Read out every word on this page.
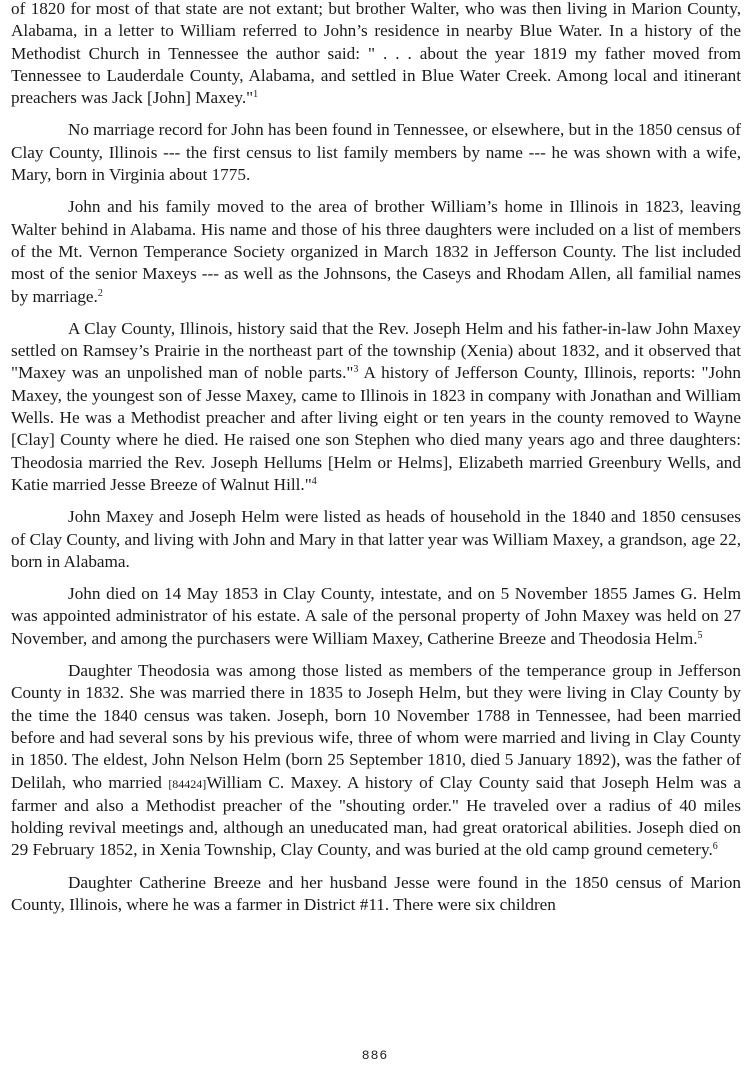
of 1820 for most of that state are not extant; but brother Walter, who was then living in Marion County, Alabama, in a letter to William referred to John’s residence in nearby Blue Water. In a history of the Methodist Church in Tennessee the author said: " . . . about the year 1819 my father moved from Tennessee to Lauderdale County, Alabama, and settled in Blue Water Creek. Among local and itinerant preachers was Jack [John] Maxey."$^1$

No marriage record for John has been found in Tennessee, or elsewhere, but in the 1850 census of Clay County, Illinois --- the first census to list family members by name --- he was shown with a wife, Mary, born in Virginia about 1775.

John and his family moved to the area of brother William’s home in Illinois in 1823, leaving Walter behind in Alabama. His name and those of his three daughters were included on a list of members of the Mt. Vernon Temperance Society organized in March 1832 in Jefferson County. The list included most of the senior Maxeys --- as well as the Johnsons, the Caseys and Rhodam Allen, all familial names by marriage.$^2$

A Clay County, Illinois, history said that the Rev. Joseph Helm and his father-in-law John Maxey settled on Ramsey’s Prairie in the northeast part of the township (Xenia) about 1832, and it observed that "Maxey was an unpolished man of noble parts."$^3$ A history of Jefferson County, Illinois, reports: "John Maxey, the youngest son of Jesse Maxey, came to Illinois in 1823 in company with Jonathan and William Wells. He was a Methodist preacher and after living eight or ten years in the county removed to Wayne [Clay] County where he died. He raised one son Stephen who died many years ago and three daughters: Theodosia married the Rev. Joseph Hellums [Helm or Helms], Elizabeth married Greenbury Wells, and Katie married Jesse Breeze of Walnut Hill."$^4$

John Maxey and Joseph Helm were listed as heads of household in the 1840 and 1850 censuses of Clay County, and living with John and Mary in that latter year was William Maxey, a grandson, age 22, born in Alabama.

John died on 14 May 1853 in Clay County, intestate, and on 5 November 1855 James G. Helm was appointed administrator of his estate. A sale of the personal property of John Maxey was held on 27 November, and among the purchasers were William Maxey, Catherine Breeze and Theodosia Helm.$^5$

Daughter Theodosia was among those listed as members of the temperance group in Jefferson County in 1832. She was married there in 1835 to Joseph Helm, but they were living in Clay County by the time the 1840 census was taken. Joseph, born 10 November 1788 in Tennessee, had been married before and had several sons by his previous wife, three of whom were married and living in Clay County in 1850. The eldest, John Nelson Helm (born 25 September 1810, died 5 January 1892), was the father of Delilah, who married [84424]William C. Maxey. A history of Clay County said that Joseph Helm was a farmer and also a Methodist preacher of the "shouting order." He traveled over a radius of 40 miles holding revival meetings and, although an uneducated man, had great oratorical abilities. Joseph died on 29 February 1852, in Xenia Township, Clay County, and was buried at the old camp ground cemetery.$^6$

Daughter Catherine Breeze and her husband Jesse were found in the 1850 census of Marion County, Illinois, where he was a farmer in District #11. There were six children

886
